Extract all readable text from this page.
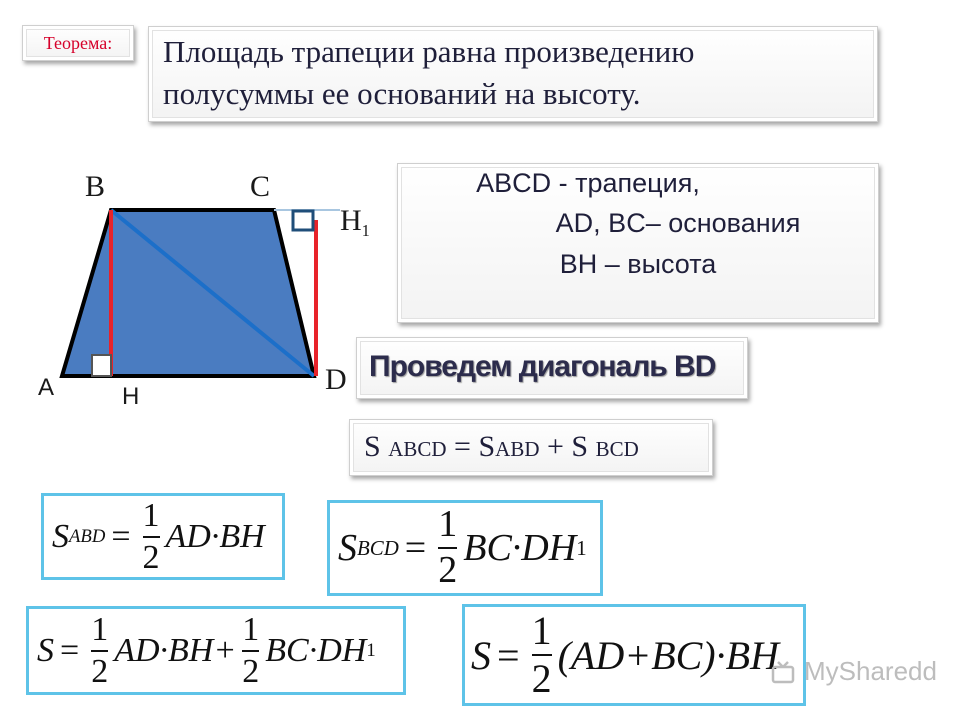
Теорема: Площадь трапеции равна произведению
полусуммы ее оснований на высоту.
B	C
A	D
H
$H_1$
ABCD - трапеция,
AD, BC– основания
BH – высота
Проведем диагональ BD
S ABCD = SABD + S BCD
S ABD = $\frac{1}{2} AD\cdot BH$ S BCD = $\frac{1}{2} BC\cdot DH$ 1
$S = \frac{1}{2} AD\cdot BH+ \frac{1}{2} BC\cdot DH$ 1 $S = \frac{1}{2} (AD+BC)\cdot BH$ MySharedd
